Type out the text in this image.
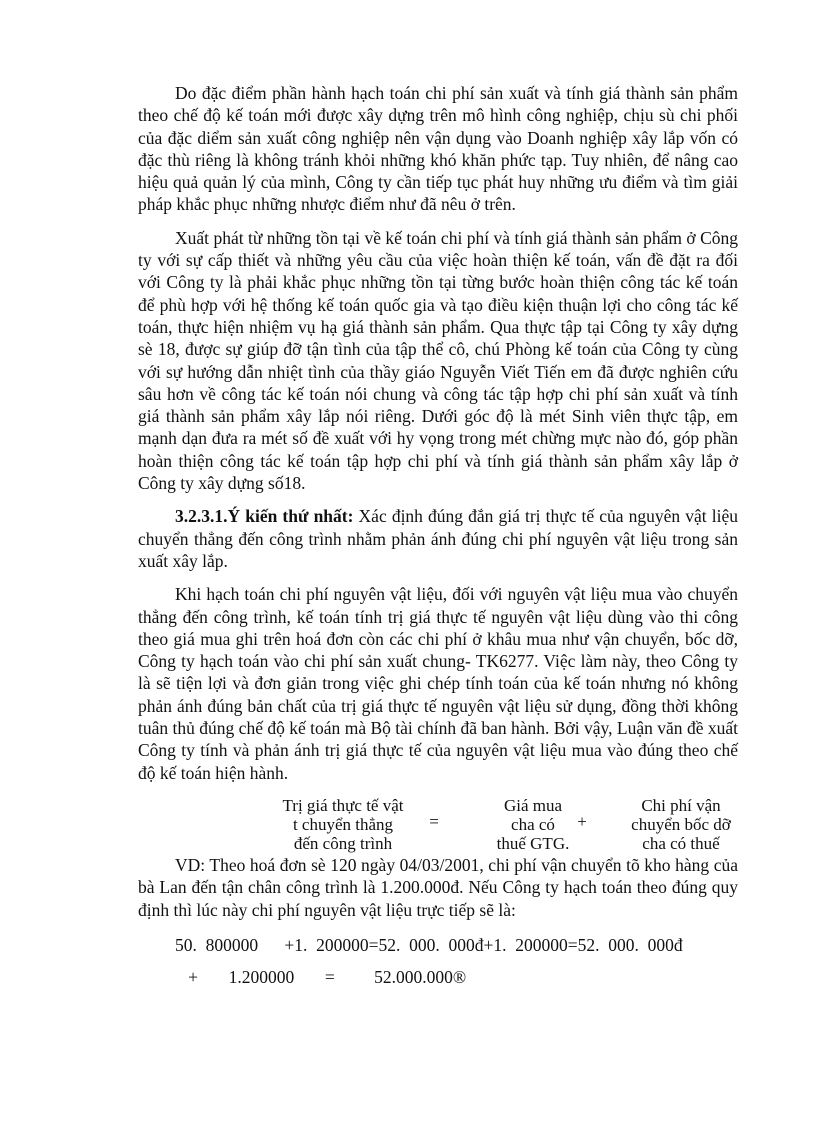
Do đặc điểm phần hành hạch toán chi phí sản xuất và tính giá thành sản phẩm theo chế độ kế toán mới được xây dựng trên mô hình công nghiệp, chịu sù chi phối của đặc diểm sản xuất công nghiệp nên vận dụng vào Doanh nghiệp xây lắp vốn có đặc thù riêng là không tránh khỏi những khó khăn phức tạp. Tuy nhiên, để nâng cao hiệu quả quản lý của mình, Công ty cần tiếp tục phát huy những ưu điểm và tìm giải pháp khắc phục những nhược điểm như đã nêu ở trên.

Xuất phát từ những tồn tại về kế toán chi phí và tính giá thành sản phẩm ở Công ty với sự cấp thiết và những yêu cầu của việc hoàn thiện kế toán, vấn đề đặt ra đối với Công ty là phải khắc phục những tồn tại từng bước hoàn thiện công tác kế toán để phù hợp với hệ thống kế toán quốc gia và tạo điều kiện thuận lợi cho công tác kế toán, thực hiện nhiệm vụ hạ giá thành sản phẩm. Qua thực tập tại Công ty xây dựng sè 18, được sự giúp đỡ tận tình của tập thể cô, chú Phòng kế toán của Công ty cùng với sự hướng dẫn nhiệt tình của thầy giáo Nguyễn Viết Tiến em đã được nghiên cứu sâu hơn về công tác kế toán nói chung và công tác tập hợp chi phí sản xuất và tính giá thành sản phẩm xây lắp nói riêng. Dưới góc độ là mét Sinh viên thực tập, em mạnh dạn đưa ra mét số đề xuất với hy vọng trong mét chừng mực nào đó, góp phần hoàn thiện công tác kế toán tập hợp chi phí và tính giá thành sản phẩm xây lắp ở Công ty xây dựng số18.

3.2.3.1.Ý kiến thứ nhất: Xác định đúng đắn giá trị thực tế của nguyên vật liệu chuyển thẳng đến công trình nhằm phản ánh đúng chi phí nguyên vật liệu trong sản xuất xây lắp.

Khi hạch toán chi phí nguyên vật liệu, đối với nguyên vật liệu mua vào chuyển thẳng đến công trình, kế toán tính trị giá thực tế nguyên vật liệu dùng vào thi công theo giá mua ghi trên hoá đơn còn các chi phí ở khâu mua như vận chuyển, bốc dỡ, Công ty hạch toán vào chi phí sản xuất chung- TK6277. Việc làm này, theo Công ty là sẽ tiện lợi và đơn giản trong việc ghi chép tính toán của kế toán nhưng nó không phản ánh đúng bản chất của trị giá thực tế nguyên vật liệu sử dụng, đồng thời không tuân thủ đúng chế độ kế toán mà Bộ tài chính đã ban hành. Bởi vậy, Luận văn đề xuất Công ty tính và phản ánh trị giá thực tế của nguyên vật liệu mua vào đúng theo chế độ kế toán hiện hành.

Trị giá thực tế vật
t chuyển thẳng
đến công trình
=
Giá mua
cha có
thuế GTG.
+
Chi phí vận
chuyển bốc dỡ
cha có thuế

VD: Theo hoá đơn sè 120 ngày 04/03/2001, chi phí vận chuyển tõ kho hàng của bà Lan đến tận chân công trình là 1.200.000đ. Nếu Công ty hạch toán theo đúng quy định thì lúc này chi phí nguyên vật liệu trực tiếp sẽ là:

50.  800000      +1.  200000=52.  000.  000đ+1.  200000=52.  000.  000đ
+       1.200000       =         52.000.000®
